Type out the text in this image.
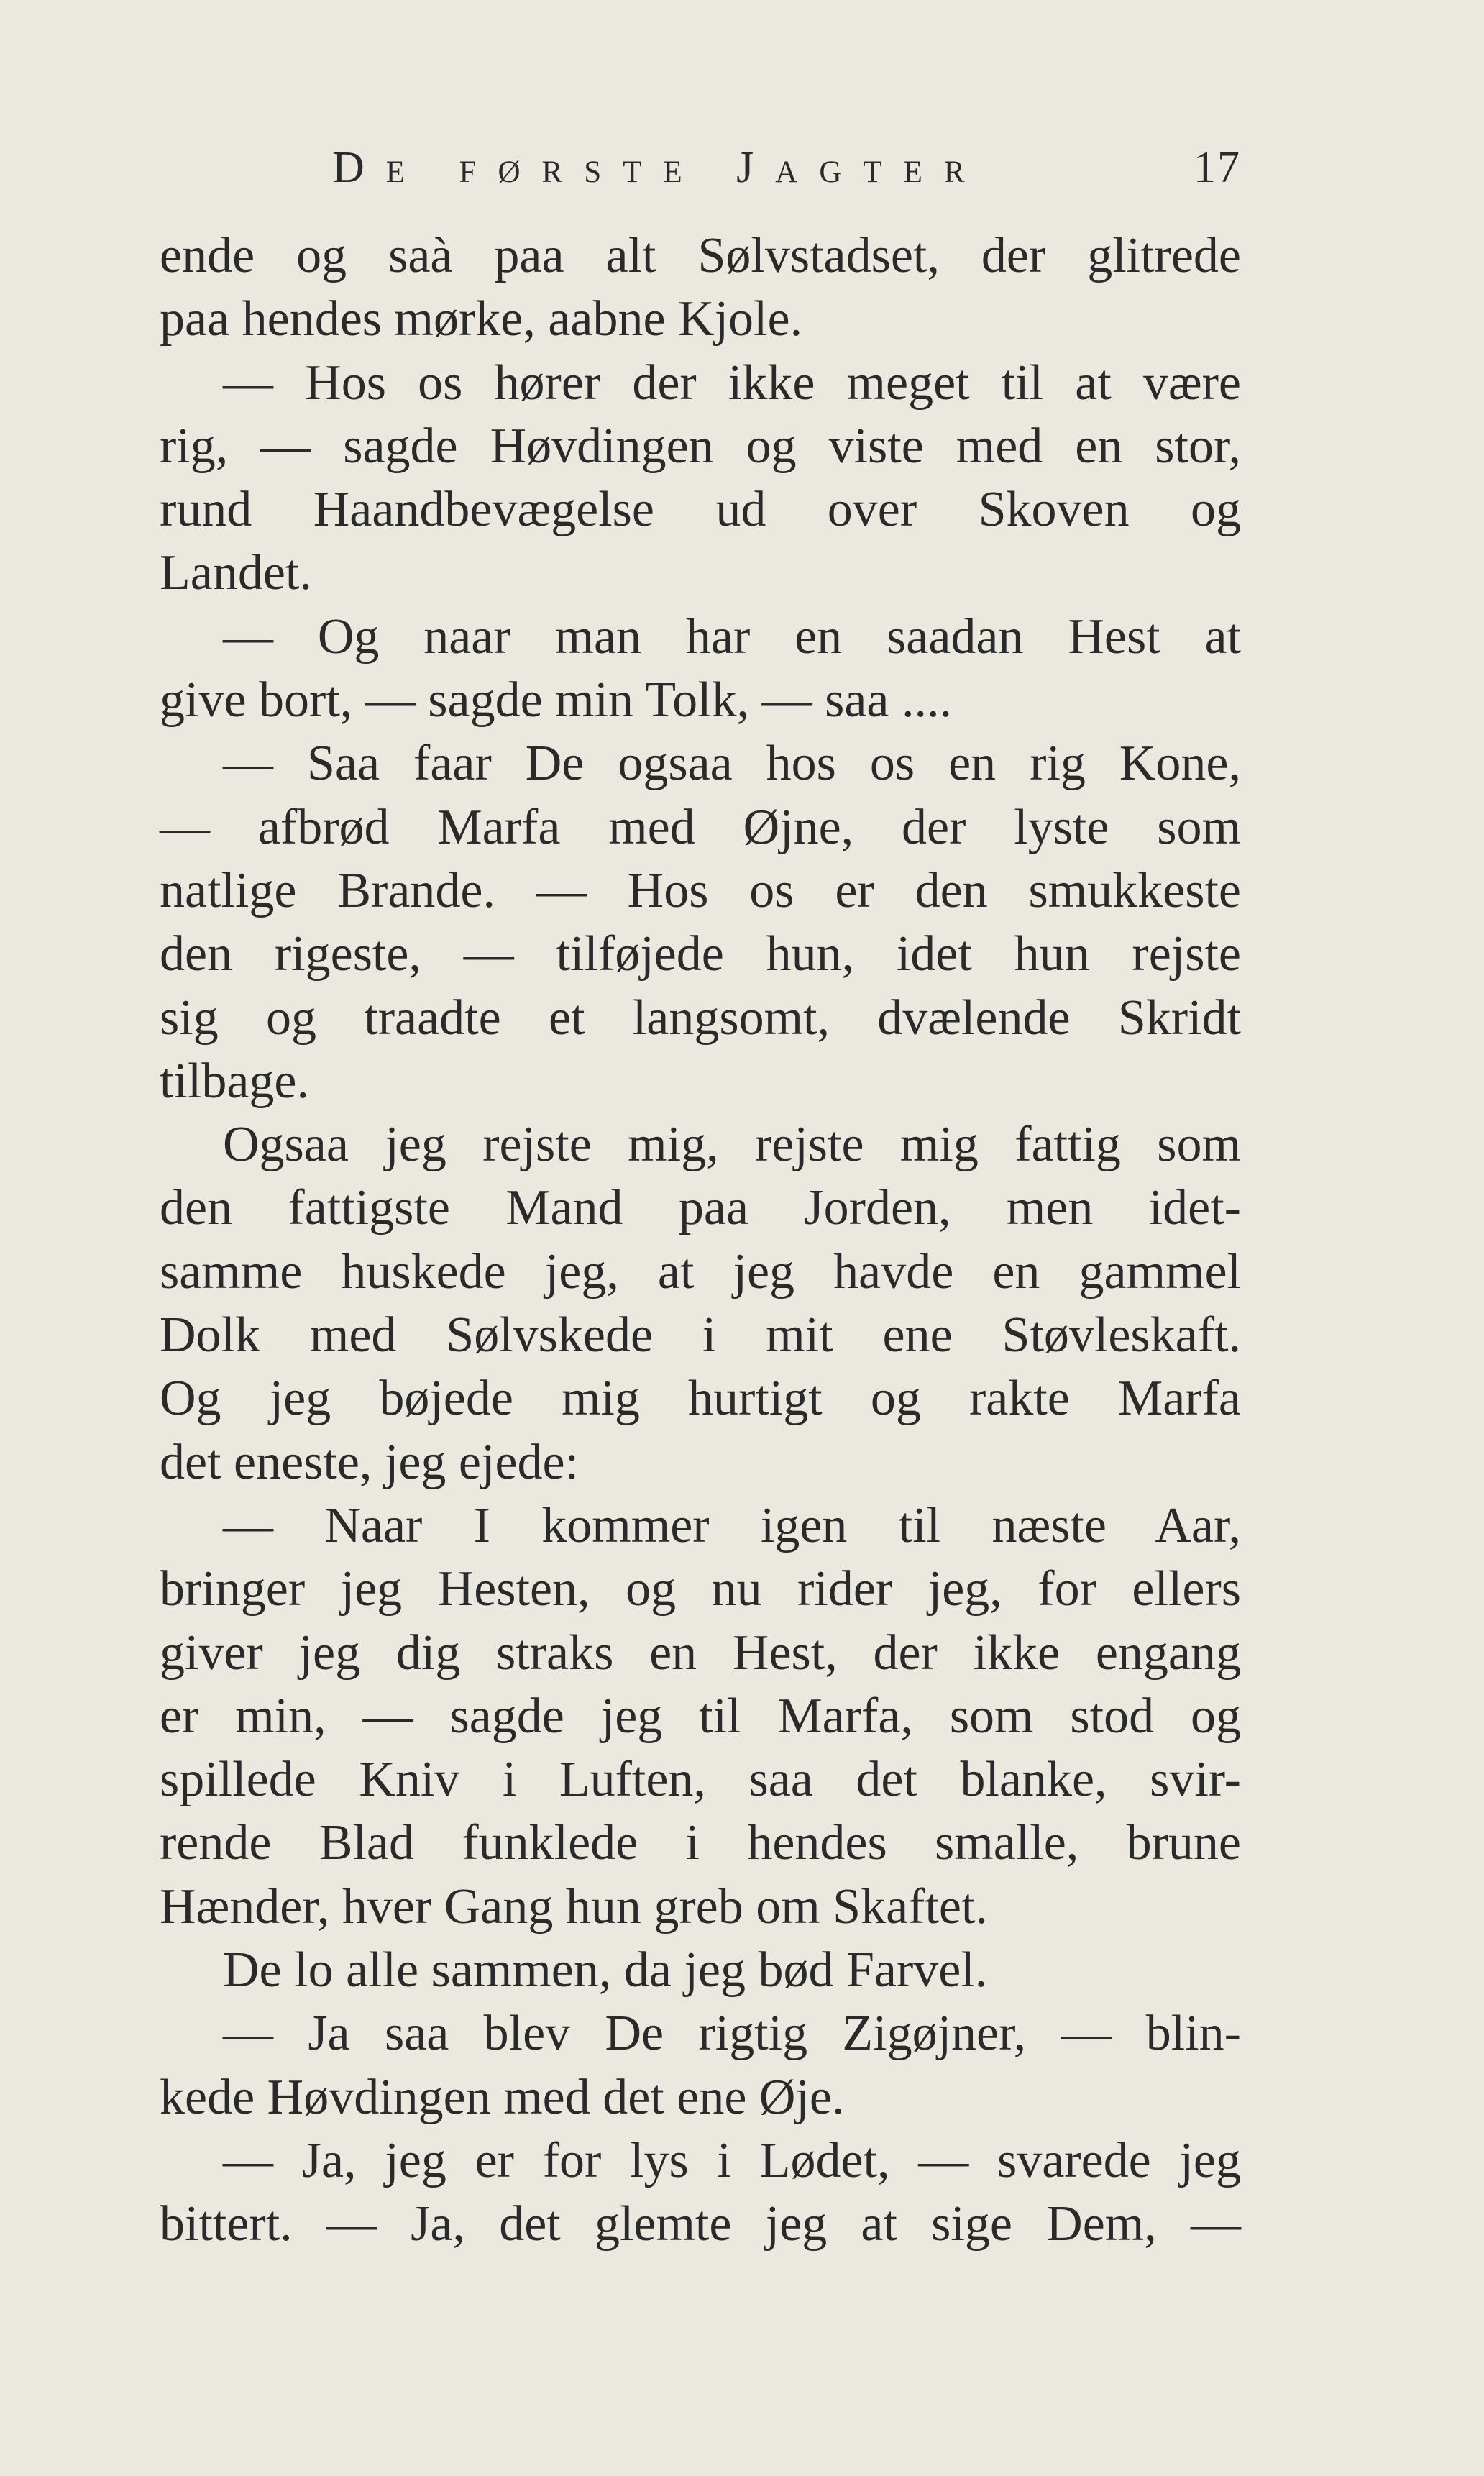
De første Jagter	17
ende og saà paa alt Sølvstadset, der glitrede
paa hendes mørke, aabne Kjole.
— Hos os hører der ikke meget til at være
rig, — sagde Høvdingen og viste med en stor,
rund Haandbevægelse ud over Skoven og
Landet.
— Og naar man har en saadan Hest at
give bort, — sagde min Tolk, — saa ....
— Saa faar De ogsaa hos os en rig Kone,
— afbrød Marfa med Øjne, der lyste som
natlige Brande. — Hos os er den smukkeste
den rigeste, — tilføjede hun, idet hun rejste
sig og traadte et langsomt, dvælende Skridt
tilbage.
Ogsaa jeg rejste mig, rejste mig fattig som
den fattigste Mand paa Jorden, men idet-
samme huskede jeg, at jeg havde en gammel
Dolk med Sølvskede i mit ene Støvleskaft.
Og jeg bøjede mig hurtigt og rakte Marfa
det eneste, jeg ejede:
— Naar I kommer igen til næste Aar,
bringer jeg Hesten, og nu rider jeg, for ellers
giver jeg dig straks en Hest, der ikke engang
er min, — sagde jeg til Marfa, som stod og
spillede Kniv i Luften, saa det blanke, svir-
rende Blad funklede i hendes smalle, brune
Hænder, hver Gang hun greb om Skaftet.
De lo alle sammen, da jeg bød Farvel.
— Ja saa blev De rigtig Zigøjner, — blin-
kede Høvdingen med det ene Øje.
— Ja, jeg er for lys i Lødet, — svarede jeg
bittert. — Ja, det glemte jeg at sige Dem, —
